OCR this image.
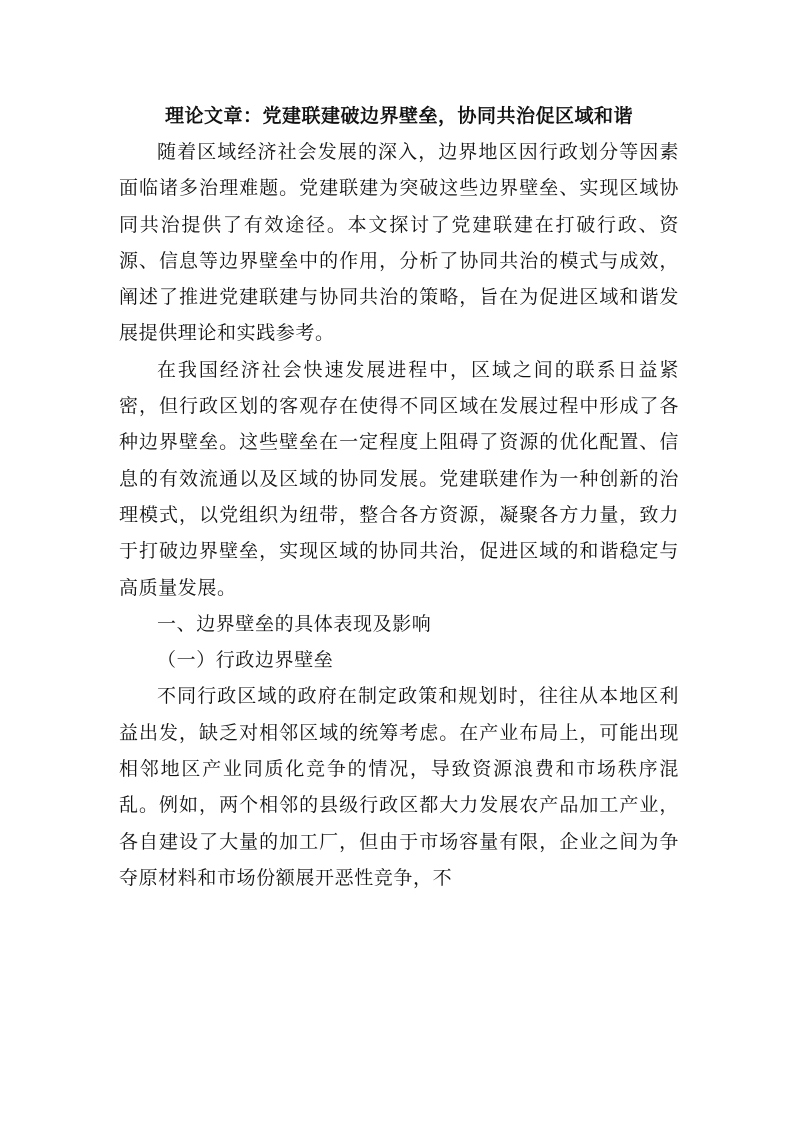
理论文章：党建联建破边界壁垒，协同共治促区域和谐

随着区域经济社会发展的深入，边界地区因行政划分等因素面临诸多治理难题。党建联建为突破这些边界壁垒、实现区域协同共治提供了有效途径。本文探讨了党建联建在打破行政、资源、信息等边界壁垒中的作用，分析了协同共治的模式与成效，阐述了推进党建联建与协同共治的策略，旨在为促进区域和谐发展提供理论和实践参考。

在我国经济社会快速发展进程中，区域之间的联系日益紧密，但行政区划的客观存在使得不同区域在发展过程中形成了各种边界壁垒。这些壁垒在一定程度上阻碍了资源的优化配置、信息的有效流通以及区域的协同发展。党建联建作为一种创新的治理模式，以党组织为纽带，整合各方资源，凝聚各方力量，致力于打破边界壁垒，实现区域的协同共治，促进区域的和谐稳定与高质量发展。

一、边界壁垒的具体表现及影响

（一）行政边界壁垒

不同行政区域的政府在制定政策和规划时，往往从本地区利益出发，缺乏对相邻区域的统筹考虑。在产业布局上，可能出现相邻地区产业同质化竞争的情况，导致资源浪费和市场秩序混乱。例如，两个相邻的县级行政区都大力发展农产品加工产业，各自建设了大量的加工厂，但由于市场容量有限，企业之间为争夺原材料和市场份额展开恶性竞争，不
